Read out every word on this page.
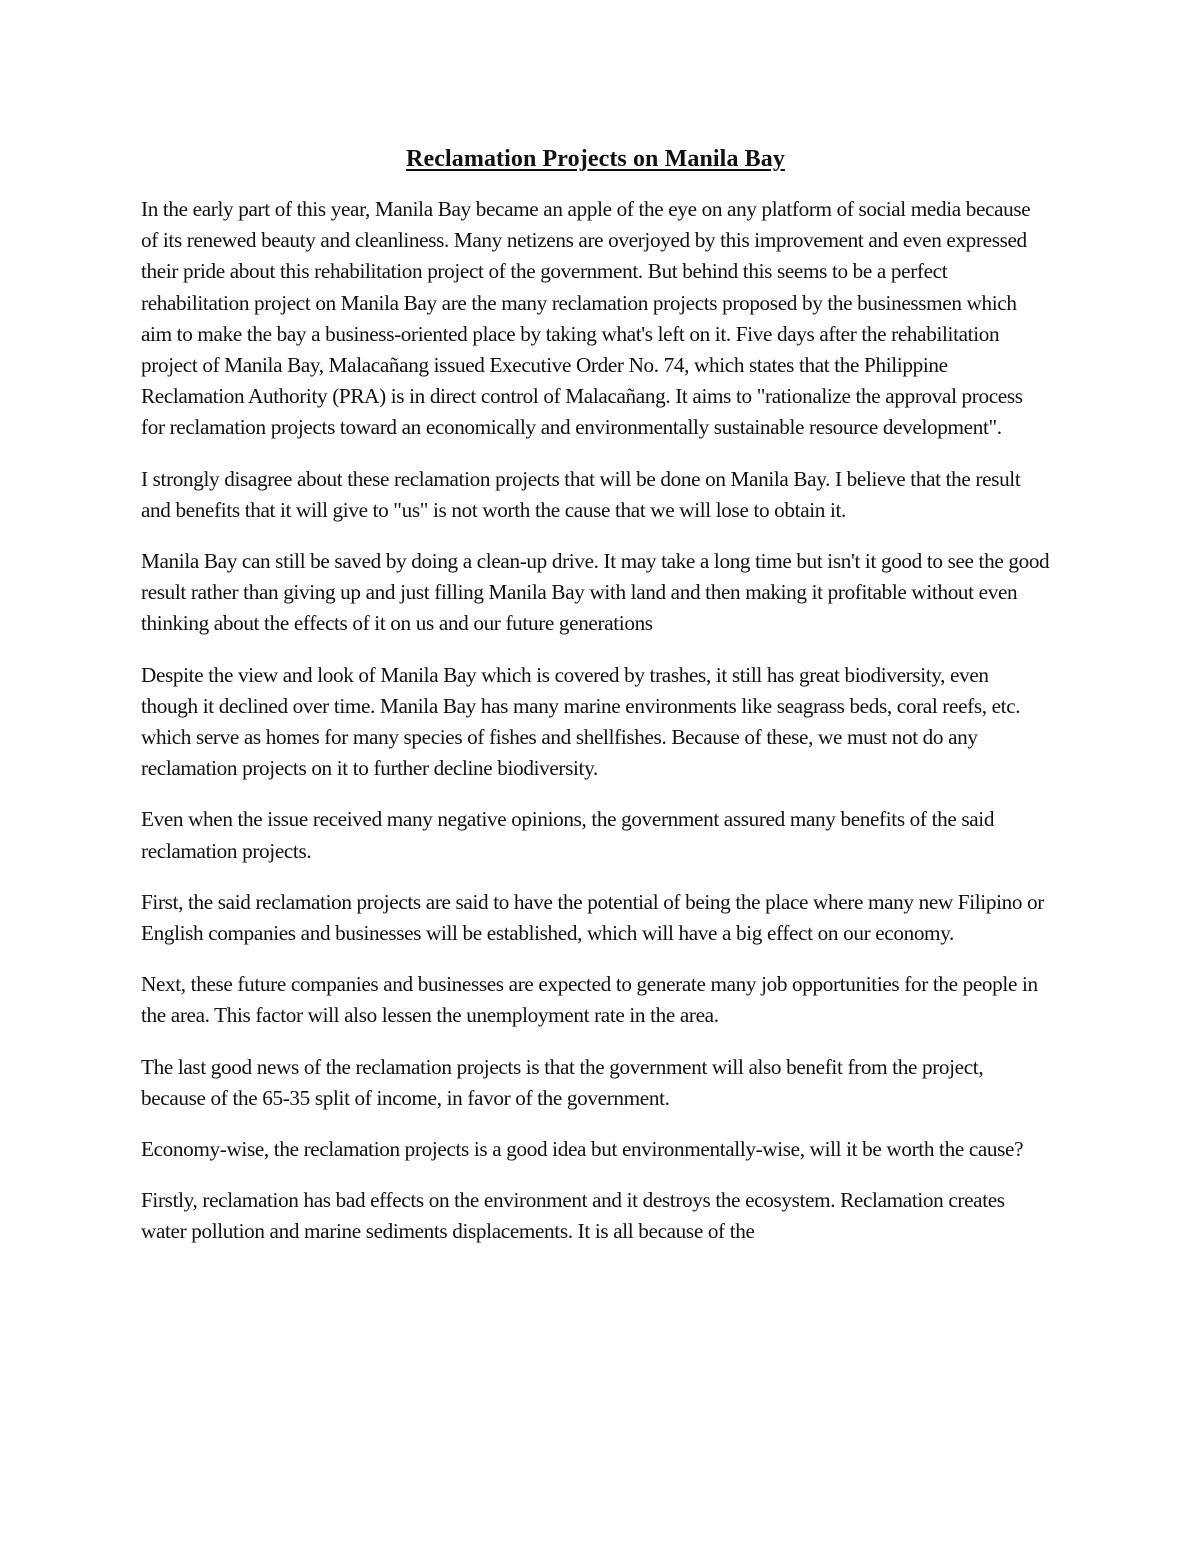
Reclamation Projects on Manila Bay

In the early part of this year, Manila Bay became an apple of the eye on any platform of social media because of its renewed beauty and cleanliness. Many netizens are overjoyed by this improvement and even expressed their pride about this rehabilitation project of the government. But behind this seems to be a perfect rehabilitation project on Manila Bay are the many reclamation projects proposed by the businessmen which aim to make the bay a business-oriented place by taking what's left on it. Five days after the rehabilitation project of Manila Bay, Malacañang issued Executive Order No. 74, which states that the Philippine Reclamation Authority (PRA) is in direct control of Malacañang. It aims to "rationalize the approval process for reclamation projects toward an economically and environmentally sustainable resource development".

I strongly disagree about these reclamation projects that will be done on Manila Bay. I believe that the result and benefits that it will give to "us" is not worth the cause that we will lose to obtain it.

Manila Bay can still be saved by doing a clean-up drive. It may take a long time but isn't it good to see the good result rather than giving up and just filling Manila Bay with land and then making it profitable without even thinking about the effects of it on us and our future generations

Despite the view and look of Manila Bay which is covered by trashes, it still has great biodiversity, even though it declined over time. Manila Bay has many marine environments like seagrass beds, coral reefs, etc. which serve as homes for many species of fishes and shellfishes. Because of these, we must not do any reclamation projects on it to further decline biodiversity.

Even when the issue received many negative opinions, the government assured many benefits of the said reclamation projects.

First, the said reclamation projects are said to have the potential of being the place where many new Filipino or English companies and businesses will be established, which will have a big effect on our economy.

Next, these future companies and businesses are expected to generate many job opportunities for the people in the area. This factor will also lessen the unemployment rate in the area.

The last good news of the reclamation projects is that the government will also benefit from the project, because of the 65-35 split of income, in favor of the government.

Economy-wise, the reclamation projects is a good idea but environmentally-wise, will it be worth the cause?

Firstly, reclamation has bad effects on the environment and it destroys the ecosystem. Reclamation creates water pollution and marine sediments displacements. It is all because of the
